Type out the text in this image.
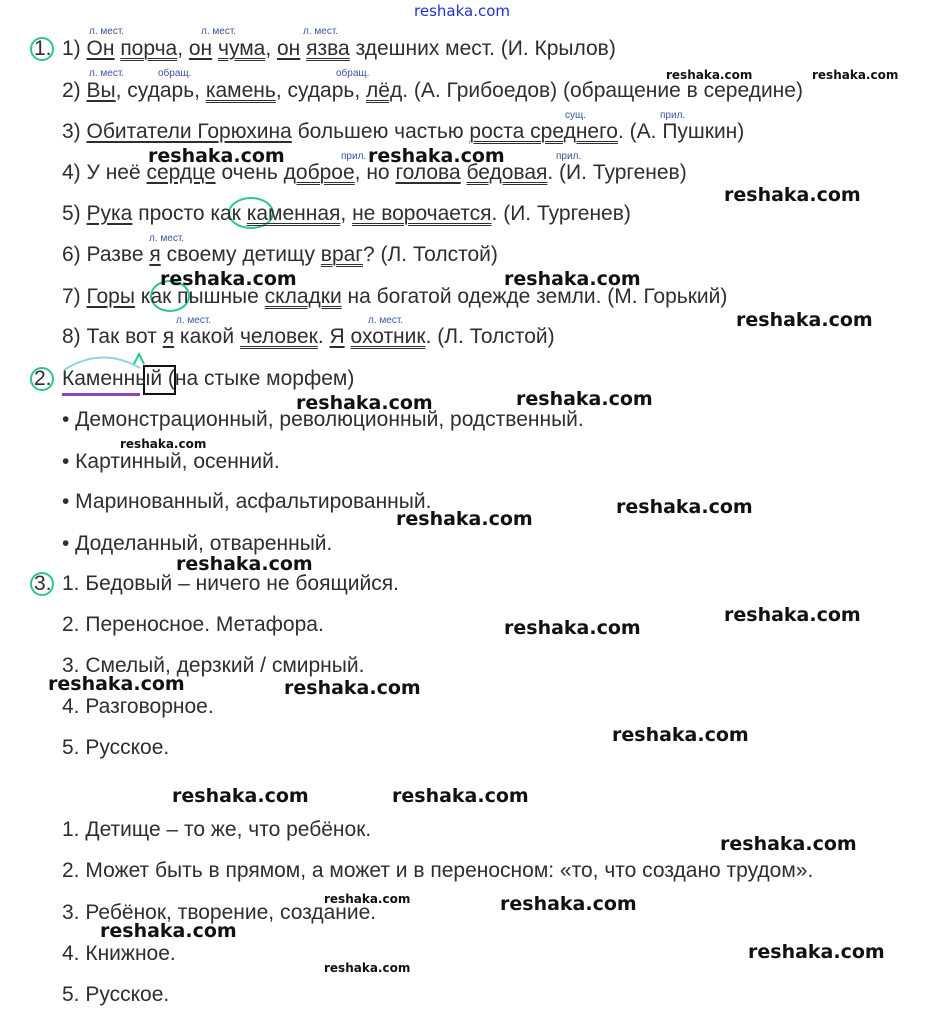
reshaka.com
1.
л. мест.	л. мест.	л. мест.
1) Он порча, он чума, он язва здешних мест. (И. Крылов)
л. мест.	обращ.	обращ.
2) Вы, сударь, камень, сударь, лёд. (А. Грибоедов) (обращение в середине)
сущ.	прил.
3) Обитатели Горюхина большею частью роста среднего. (А. Пушкин)
прил.	прил.
4) У неё сердце очень доброе, но голова бедовая. (И. Тургенев)
5) Рука просто как каменная, не ворочается. (И. Тургенев)
л. мест.
6) Разве я своему детищу враг? (Л. Толстой)
7) Горы как пышные складки на богатой одежде земли. (М. Горький)
л. мест.	л. мест.
8) Так вот я какой человек. Я охотник. (Л. Толстой)
2. Каменный (на стыке морфем)
• Демонстрационный, революционный, родственный.
• Картинный, осенний.
• Маринованный, асфальтированный.
• Доделанный, отваренный.
3. 1. Бедовый – ничего не боящийся.
2. Переносное. Метафора.
3. Смелый, дерзкий / смирный.
4. Разговорное.
5. Русское.
1. Детище – то же, что ребёнок.
2. Может быть в прямом, а может и в переносном: «то, что создано трудом».
3. Ребёнок, творение, создание.
4. Книжное.
5. Русское.
reshaka.com	reshaka.com
reshaka.com	reshaka.com
reshaka.com
reshaka.com	reshaka.com
reshaka.com
reshaka.com	reshaka.com
reshaka.com
reshaka.com
reshaka.com
reshaka.com
reshaka.com
reshaka.com
reshaka.com	reshaka.com
reshaka.com
reshaka.com	reshaka.com
reshaka.com
reshaka.com	reshaka.com
reshaka.com
reshaka.com
reshaka.com
